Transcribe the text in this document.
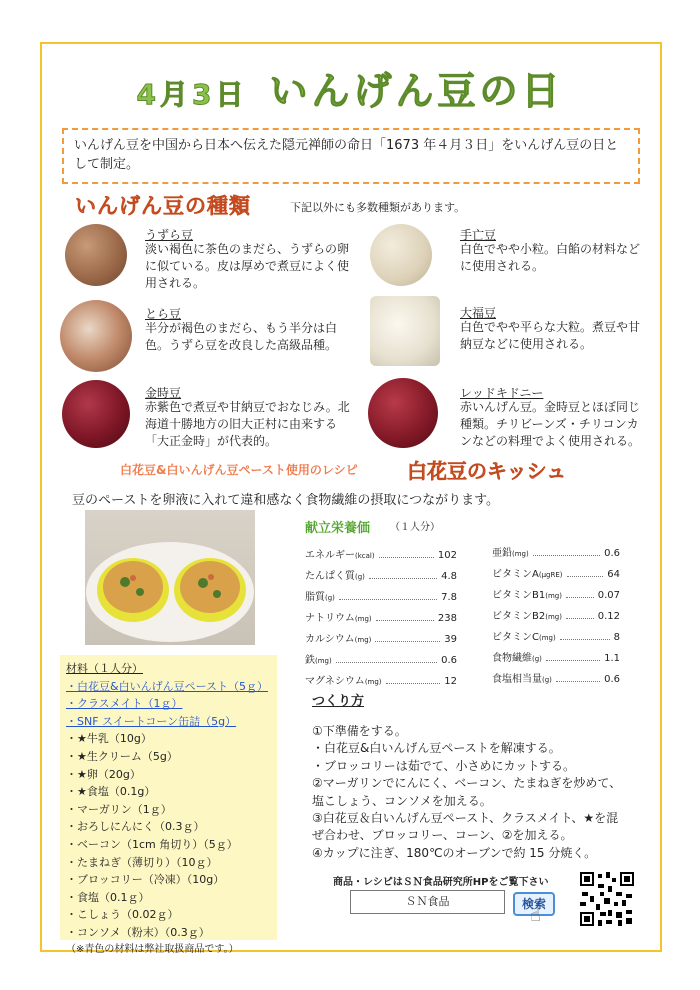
4月3日 いんげん豆の日
いんげん豆を中国から日本へ伝えた隠元禅師の命日「1673 年４月３日」をいんげん豆の日として制定。
いんげん豆の種類	下記以外にも多数種類があります。
うずら豆
淡い褐色に茶色のまだら、うずらの卵に似ている。皮は厚めで煮豆によく使用される。
手亡豆
白色でやや小粒。白餡の材料などに使用される。
とら豆
半分が褐色のまだら、もう半分は白色。うずら豆を改良した高級品種。
大福豆
白色でやや平らな大粒。煮豆や甘納豆などに使用される。
金時豆
赤紫色で煮豆や甘納豆でおなじみ。北海道十勝地方の旧大正村に由来する「大正金時」が代表的。
レッドキドニー
赤いんげん豆。金時豆とほぼ同じ種類。チリビーンズ・チリコンカンなどの料理でよく使用される。
白花豆&白いんげん豆ペースト使用のレシピ 白花豆のキッシュ
豆のペーストを卵液に入れて違和感なく食物繊維の摂取につながります。
献立栄養価 （１人分）
エネルギー(kcal)	102
たんぱく質(g)	4.8
脂質(g)	7.8
ナトリウム(mg)	238
カルシウム(mg)	39
鉄(mg)	0.6
マグネシウム(mg)	12
亜鉛(mg)	0.6
ビタミンA(μgRE)	64
ビタミンB1(mg)	0.07
ビタミンB2(mg)	0.12
ビタミンC(mg)	8
食物繊維(g)	1.1
食塩相当量(g)	0.6
材料（１人分）
・白花豆&白いんげん豆ペースト（5ｇ）
・クラスメイト（1ｇ）
・SNF スイートコーン缶詰（5g）
・★牛乳（10g）
・★生クリーム（5g）
・★卵（20g）
・★食塩（0.1g）
・マーガリン（1ｇ）
・おろしにんにく（0.3ｇ）
・ベーコン（1cm 角切り）（5ｇ）
・たまねぎ（薄切り）（10ｇ）
・ブロッコリー（冷凍）（10g）
・食塩（0.1ｇ）
・こしょう（0.02ｇ）
・コンソメ（粉末）（0.3ｇ）
（※青色の材料は弊社取扱商品です。）
つくり方
①下準備をする。
・白花豆&白いんげん豆ペーストを解凍する。
・ブロッコリーは茹でて、小さめにカットする。
②マーガリンでにんにく、ベーコン、たまねぎを炒めて、
塩こしょう、コンソメを加える。
③白花豆＆白いんげん豆ペースト、クラスメイト、★を混
ぜ合わせ、ブロッコリー、コーン、②を加える。
④カップに注ぎ、180℃のオーブンで約 15 分焼く。
商品・レシピはＳＮ食品研究所HPをご覧下さい
ＳＮ食品	検索
☝
